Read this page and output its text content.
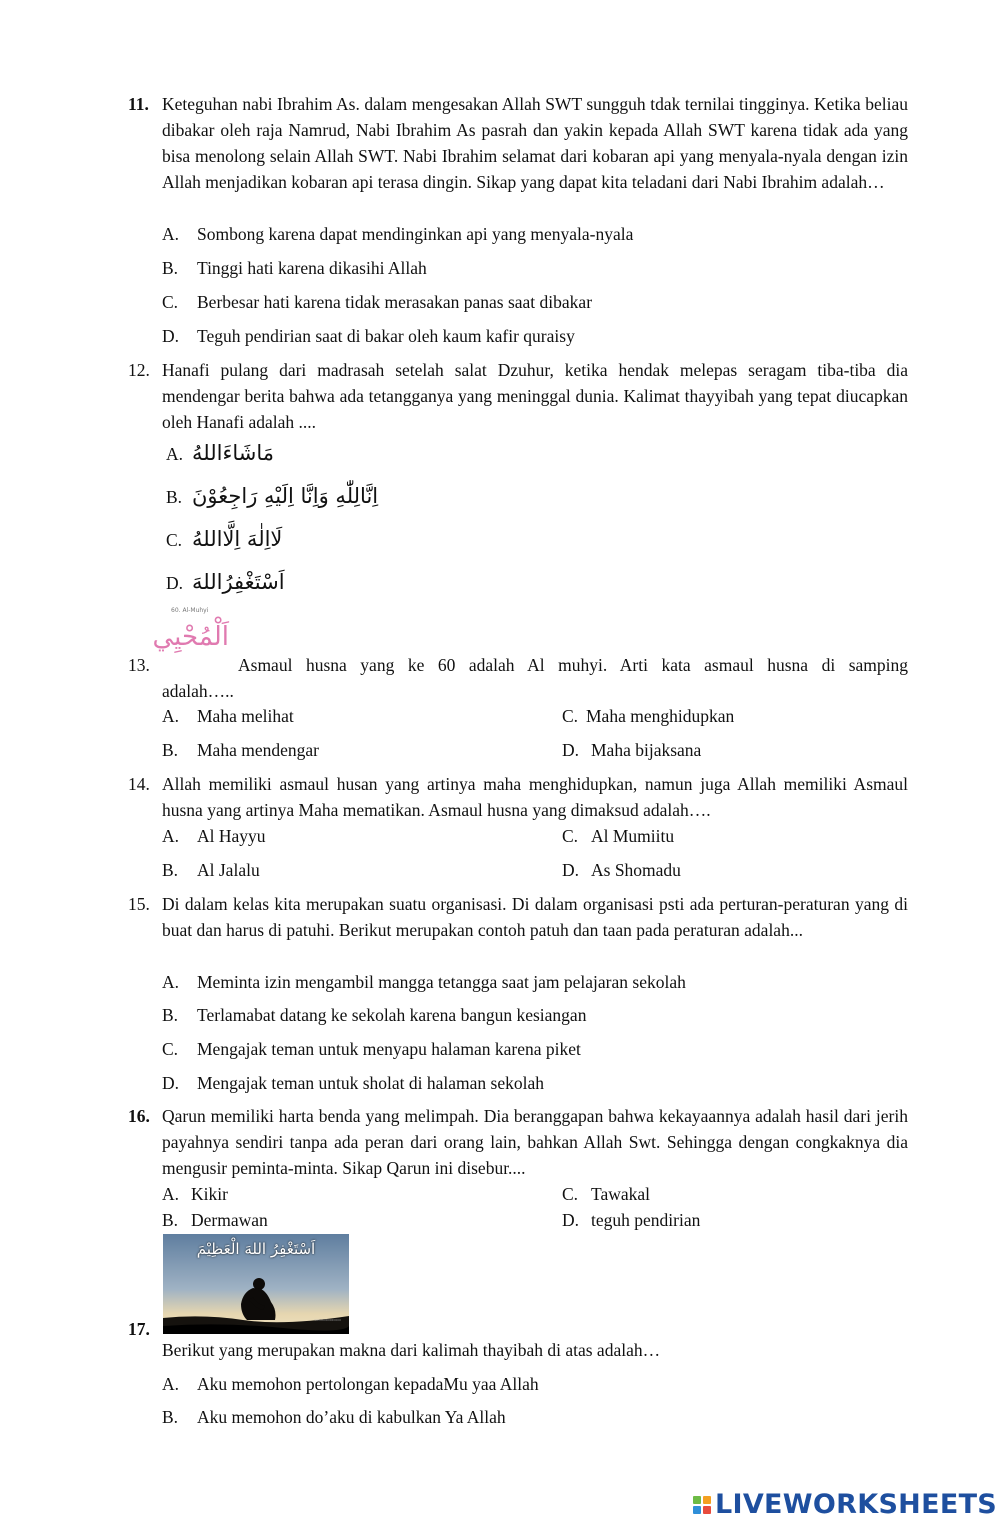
11. Keteguhan nabi Ibrahim As. dalam mengesakan Allah SWT sungguh tdak ternilai tingginya. Ketika beliau dibakar oleh raja Namrud, Nabi Ibrahim As pasrah dan yakin kepada Allah SWT karena tidak ada yang bisa menolong selain Allah SWT. Nabi Ibrahim selamat dari kobaran api yang menyala-nyala dengan izin Allah menjadikan kobaran api terasa dingin. Sikap yang dapat kita teladani dari Nabi Ibrahim adalah…
A. Sombong karena dapat mendinginkan api yang menyala-nyala
B. Tinggi hati karena dikasihi Allah
C. Berbesar hati karena tidak merasakan panas saat dibakar
D. Teguh pendirian saat di bakar oleh kaum kafir quraisy
12. Hanafi pulang dari madrasah setelah salat Dzuhur, ketika hendak melepas seragam tiba-tiba dia mendengar berita bahwa ada tetangganya yang meninggal dunia. Kalimat thayyibah yang tepat diucapkan oleh Hanafi adalah ....
A. مَاشَاءَاللهُ
B. اِنَّالِلّٰهِ وَاِنَّا اِلَيْهِ رَاجِعُوْنَ
C. لَااِلٰهَ اِلَّااللهُ
D. اَسْتَغْفِرُاللهَ
60. Al-Muhyi
اَلْمُحْيِي
13.	Asmaul husna yang ke 60 adalah Al muhyi. Arti kata asmaul husna di samping
adalah…..
A. Maha melihat	C. Maha menghidupkan
B. Maha mendengar	D. Maha bijaksana
14. Allah memiliki asmaul husan yang artinya maha menghidupkan, namun juga Allah memiliki Asmaul husna yang artinya Maha mematikan. Asmaul husna yang dimaksud adalah….
A. Al Hayyu	C. Al Mumiitu
B. Al Jalalu	D. As Shomadu
15. Di dalam kelas kita merupakan suatu organisasi. Di dalam organisasi psti ada perturan-peraturan yang di buat dan harus di patuhi. Berikut merupakan contoh patuh dan taan pada peraturan adalah...
A. Meminta izin mengambil mangga tetangga saat jam pelajaran sekolah
B. Terlamabat datang ke sekolah karena bangun kesiangan
C. Mengajak teman untuk menyapu halaman karena piket
D. Mengajak teman untuk sholat di halaman sekolah
16. Qarun memiliki harta benda yang melimpah. Dia beranggapan bahwa kekayaannya adalah hasil dari jerih payahnya sendiri tanpa ada peran dari orang lain, bahkan Allah Swt. Sehingga dengan congkaknya dia mengusir peminta-minta. Sikap Qarun ini disebur....
A. Kikir	C. Tawakal
B. Dermawan	D. teguh pendirian
اَسْتَغْفِرُ اللهَ الْعَظِيْمَ
▭▭▭▭▭▭▭
17.
Berikut yang merupakan makna dari kalimah thayibah di atas adalah…
A. Aku memohon pertolongan kepadaMu yaa Allah
B. Aku memohon do’aku di kabulkan Ya Allah
LIVEWORKSHEETS
